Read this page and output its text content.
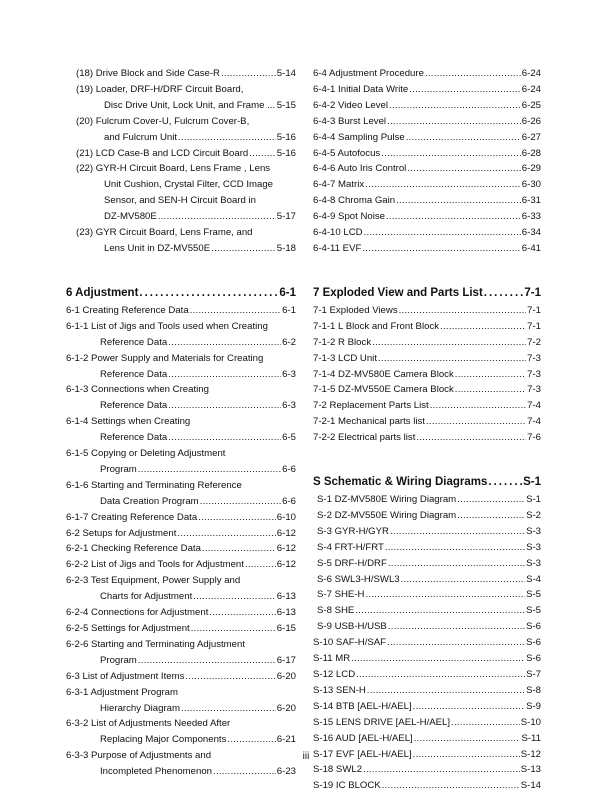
(18) Drive Block and Side Case-R . . .	5-14
(19) Loader, DRF-H/DRF Circuit Board,
Disc Drive Unit, Lock Unit, and Frame ... 5-15
(20) Fulcrum Cover-U, Fulcrum Cover-B,
and Fulcrum Unit . . .	5-16
(21) LCD Case-B and LCD Circuit Board . . .	5-16
(22) GYR-H Circuit Board, Lens Frame , Lens
Unit Cushion, Crystal Filter, CCD Image
Sensor, and SEN-H Circuit Board in
DZ-MV580E . . .	5-17
(23) GYR Circuit Board, Lens Frame, and
Lens Unit in DZ-MV550E . . .	5-18
6 Adjustment . . .	6-1
6-1 Creating Reference Data . . .	6-1
6-1-1 List of Jigs and Tools used when Creating
Reference Data . . .	6-2
6-1-2 Power Supply and Materials for Creating
Reference Data . . .	6-3
6-1-3 Connections when Creating
Reference Data . . .	6-3
6-1-4 Settings when Creating
Reference Data . . .	6-5
6-1-5 Copying or Deleting Adjustment
Program . . .	6-6
6-1-6 Starting and Terminating Reference
Data Creation Program . . .	6-6
6-1-7 Creating Reference Data . . .	6-10
6-2 Setups for Adjustment . . .	6-12
6-2-1 Checking Reference Data . . .	6-12
6-2-2 List of Jigs and Tools for Adjustment . . .	6-12
6-2-3 Test Equipment, Power Supply and
Charts for Adjustment . . .	6-13
6-2-4 Connections for Adjustment . . .	6-13
6-2-5 Settings for Adjustment . . .	6-15
6-2-6 Starting and Terminating Adjustment
Program . . .	6-17
6-3 List of Adjustment Items . . .	6-20
6-3-1 Adjustment Program
Hierarchy Diagram . . .	6-20
6-3-2 List of Adjustments Needed After
Replacing Major Components . . .	6-21
6-3-3 Purpose of Adjustments and
Incompleted Phenomenon . . .	6-23
6-4 Adjustment Procedure . . .	6-24
6-4-1 Initial Data Write . . .	6-24
6-4-2 Video Level . . .	6-25
6-4-3 Burst Level . . .	6-26
6-4-4 Sampling Pulse . . .	6-27
6-4-5 Autofocus . . .	6-28
6-4-6 Auto Iris Control . . .	6-29
6-4-7 Matrix . . .	6-30
6-4-8 Chroma Gain . . .	6-31
6-4-9 Spot Noise . . .	6-33
6-4-10 LCD . . .	6-34
6-4-11 EVF . . .	6-41
7 Exploded View and Parts List . . .	7-1
7-1 Exploded Views . . .	7-1
7-1-1 L Block and Front Block . . .	7-1
7-1-2 R Block . . .	7-2
7-1-3 LCD Unit . . .	7-3
7-1-4 DZ-MV580E Camera Block . . .	7-3
7-1-5 DZ-MV550E Camera Block . . .	7-3
7-2 Replacement Parts List . . .	7-4
7-2-1 Mechanical parts list . . .	7-4
7-2-2 Electrical parts list . . .	7-6
S Schematic & Wiring Diagrams . . .	S-1
S-1 DZ-MV580E Wiring Diagram . . .	S-1
S-2 DZ-MV550E Wiring Diagram . . .	S-2
S-3 GYR-H/GYR . . .	S-3
S-4 FRT-H/FRT . . .	S-3
S-5 DRF-H/DRF . . .	S-3
S-6 SWL3-H/SWL3 . . .	S-4
S-7 SHE-H . . .	S-5
S-8 SHE . . .	S-5
S-9 USB-H/USB . . .	S-6
S-10 SAF-H/SAF . . .	S-6
S-11 MR . . .	S-6
S-12 LCD . . .	S-7
S-13 SEN-H . . .	S-8
S-14 BTB [AEL-H/AEL] . . .	S-9
S-15 LENS DRIVE [AEL-H/AEL] . . .	S-10
S-16 AUD [AEL-H/AEL] . . .	S-11
S-17 EVF [AEL-H/AEL] . . .	S-12
S-18 SWL2 . . .	S-13
S-19 IC BLOCK . . .	S-14
iii
